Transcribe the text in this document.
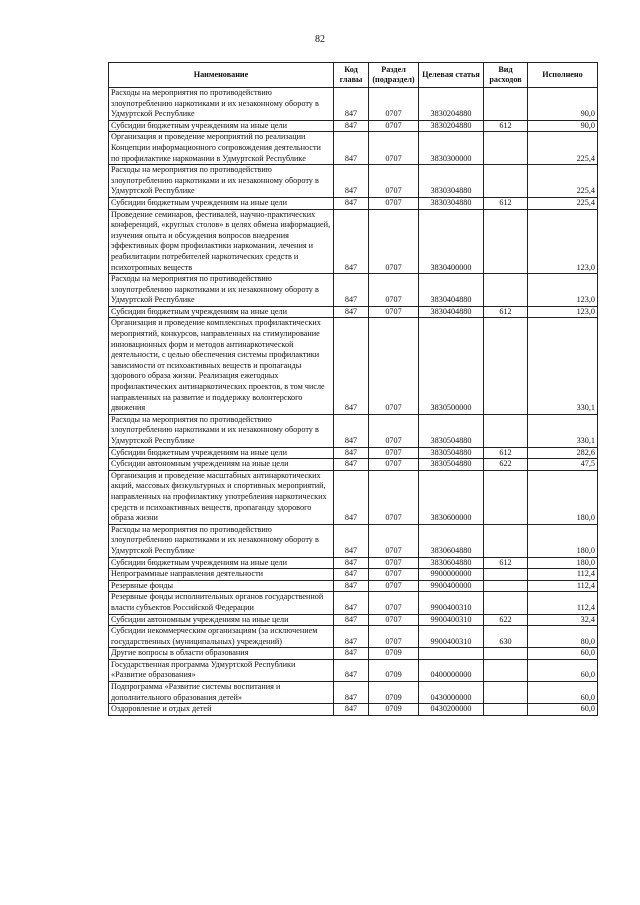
82
Наименование	Код главы	Раздел (подраздел)	Целевая статья	Вид расходов	Исполнено
Расходы на мероприятия по противодействию злоупотреблению наркотиками и их незаконному обороту в Удмуртской Республике	847	0707	3830204880		90,0
Субсидии бюджетным учреждениям на иные цели	847	0707	3830204880	612	90,0
Организация и проведение мероприятий по реализации Концепции информационного сопровождения деятельности по профилактике наркомании в Удмуртской Республике	847	0707	3830300000		225,4
Расходы на мероприятия по противодействию злоупотреблению наркотиками и их незаконному обороту в Удмуртской Республике	847	0707	3830304880		225,4
Субсидии бюджетным учреждениям на иные цели	847	0707	3830304880	612	225,4
Проведение семинаров, фестивалей, научно-практических конференций, «круглых столов» в целях обмена информацией, изучения опыта и обсуждения вопросов внедрения эффективных форм профилактики наркомании, лечения и реабилитации потребителей наркотических средств и психотропных веществ	847	0707	3830400000		123,0
Расходы на мероприятия по противодействию злоупотреблению наркотиками и их незаконному обороту в Удмуртской Республике	847	0707	3830404880		123,0
Субсидии бюджетным учреждениям на иные цели	847	0707	3830404880	612	123,0
Организация и проведение комплексных профилактических мероприятий, конкурсов, направленных на стимулирование инновационных форм и методов антинаркотической деятельности, с целью обеспечения системы профилактики зависимости от психоактивных веществ и пропаганды здорового образа жизни. Реализация ежегодных профилактических антинаркотических проектов, в том числе направленных на развитие и поддержку волонтерского движения	847	0707	3830500000		330,1
Расходы на мероприятия по противодействию злоупотреблению наркотиками и их незаконному обороту в Удмуртской Республике	847	0707	3830504880		330,1
Субсидии бюджетным учреждениям на иные цели	847	0707	3830504880	612	282,6
Субсидии автономным учреждениям на иные цели	847	0707	3830504880	622	47,5
Организация и проведение масштабных антинаркотических акций, массовых физкультурных и спортивных мероприятий, направленных на профилактику употребления наркотических средств и психоактивных веществ, пропаганду здорового образа жизни	847	0707	3830600000		180,0
Расходы на мероприятия по противодействию злоупотреблению наркотиками и их незаконному обороту в Удмуртской Республике	847	0707	3830604880		180,0
Субсидии бюджетным учреждениям на иные цели	847	0707	3830604880	612	180,0
Непрограммные направления деятельности	847	0707	9900000000		112,4
Резервные фонды	847	0707	9900400000		112,4
Резервные фонды исполнительных органов государственной власти субъектов Российской Федерации	847	0707	9900400310		112,4
Субсидии автономным учреждениям на иные цели	847	0707	9900400310	622	32,4
Субсидии некоммерческим организациям (за исключением государственных (муниципальных) учреждений)	847	0707	9900400310	630	80,0
Другие вопросы в области образования	847	0709			60,0
Государственная программа Удмуртской Республики «Развитие образования»	847	0709	0400000000		60,0
Подпрограмма «Развитие системы воспитания и дополнительного образования детей»	847	0709	0430000000		60,0
Оздоровление и отдых детей	847	0709	0430200000		60,0
